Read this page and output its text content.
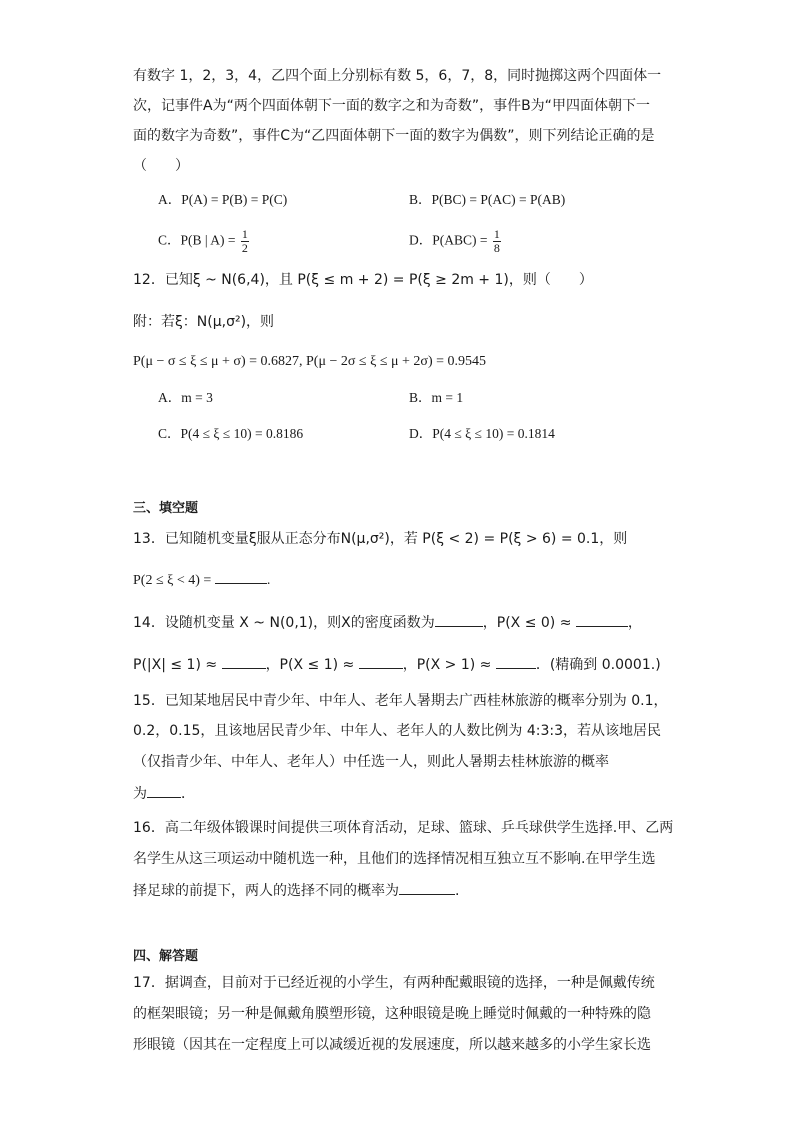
有数字 1，2，3，4，乙四个面上分别标有数 5，6，7，8，同时抛掷这两个四面体一
次，记事件A为“两个四面体朝下一面的数字之和为奇数”，事件B为“甲四面体朝下一
面的数字为奇数”，事件C为“乙四面体朝下一面的数字为偶数”，则下列结论正确的是
（　　）
A．P(A) = P(B) = P(C)	B．P(BC) = P(AC) = P(AB)
C．P(B | $A) = \frac{1}{2}$	D．$P(ABC) = \frac{1}{8}$
12．已知ξ ~ N(6,4)，且 P(ξ ≤ m + 2) = P(ξ ≥ 2m + 1)，则（　　）
附：若ξ：N(μ,σ²)，则
P(μ − σ ≤ ξ ≤ μ + σ) = 0.6827, P(μ − 2σ ≤ ξ ≤ μ + 2σ) = 0.9545
A．m = 3	B．m = 1
C．P(4 ≤ ξ ≤ 10) = 0.8186	D．P(4 ≤ ξ ≤ 10) = 0.1814
三、填空题
13．已知随机变量ξ服从正态分布N(μ,σ²)，若 P(ξ < 2) = P(ξ > 6) = 0.1，则
P(2 ≤ ξ < 4) =	.
14．设随机变量 X ~ N(0,1)，则X的密度函数为	，P(X ≤ 0) ≈	，
P(|X| ≤ 1) ≈	，P(X ≤ 1) ≈	，P(X > 1) ≈	．(精确到 0.0001.)
15．已知某地居民中青少年、中年人、老年人暑期去广西桂林旅游的概率分别为 0.1，
0.2，0.15，且该地居民青少年、中年人、老年人的人数比例为 4:3:3，若从该地居民
（仅指青少年、中年人、老年人）中任选一人，则此人暑期去桂林旅游的概率
为 ．
16．高二年级体锻课时间提供三项体育活动，足球、篮球、乒乓球供学生选择.甲、乙两
名学生从这三项运动中随机选一种，且他们的选择情况相互独立互不影响.在甲学生选
择足球的前提下，两人的选择不同的概率为	.
四、解答题
17．据调查，目前对于已经近视的小学生，有两种配戴眼镜的选择，一种是佩戴传统
的框架眼镜；另一种是佩戴角膜塑形镜，这种眼镜是晚上睡觉时佩戴的一种特殊的隐
形眼镜（因其在一定程度上可以减缓近视的发展速度，所以越来越多的小学生家长选
